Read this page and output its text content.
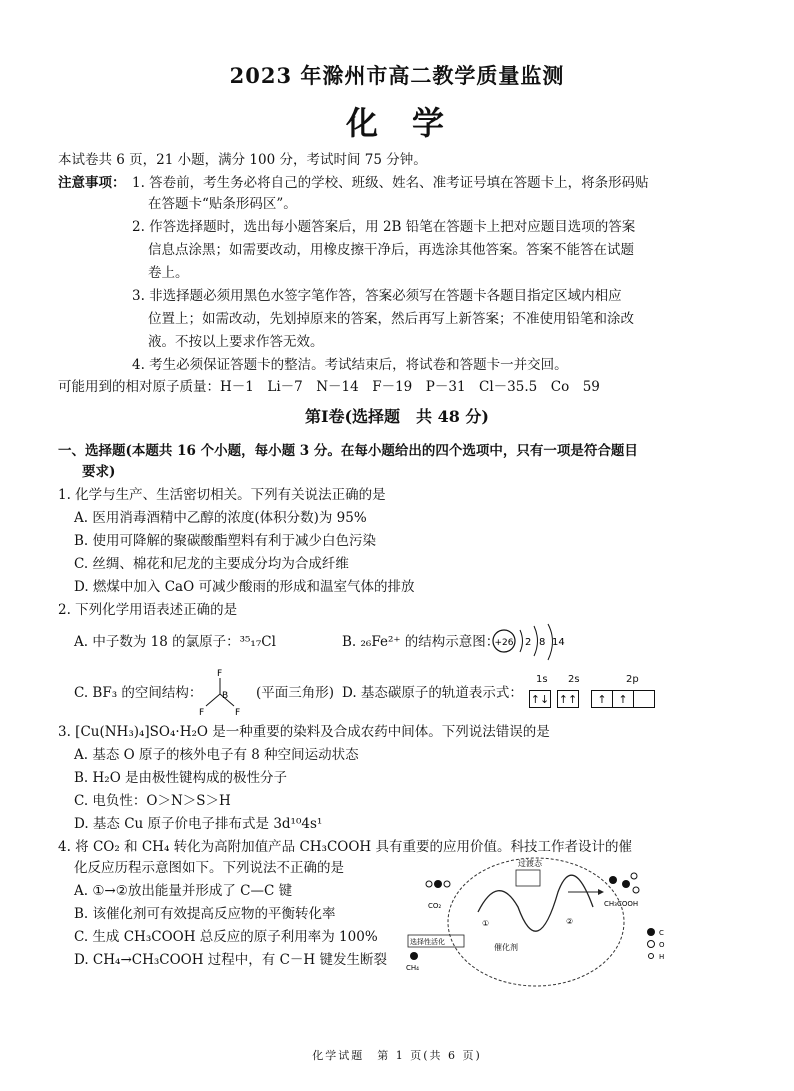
2023 年滁州市高二教学质量监测
化学
本试卷共 6 页，21 小题，满分 100 分，考试时间 75 分钟。
注意事项： 1. 答卷前，考生务必将自己的学校、班级、姓名、准考证号填在答题卡上，将条形码贴
在答题卡“贴条形码区”。
2. 作答选择题时，选出每小题答案后，用 2B 铅笔在答题卡上把对应题目选项的答案
信息点涂黑；如需要改动，用橡皮擦干净后，再选涂其他答案。答案不能答在试题
卷上。
3. 非选择题必须用黑色水签字笔作答，答案必须写在答题卡各题目指定区域内相应
位置上；如需改动，先划掉原来的答案，然后再写上新答案；不准使用铅笔和涂改
液。不按以上要求作答无效。
4. 考生必须保证答题卡的整洁。考试结束后，将试卷和答题卡一并交回。
可能用到的相对原子质量：H－1　Li－7　N－14　F－19　P－31　Cl－35.5　Co　59
第Ⅰ卷(选择题　共 48 分)
一、选择题(本题共 16 个小题，每小题 3 分。在每小题给出的四个选项中，只有一项是符合题目
要求)
1. 化学与生产、生活密切相关。下列有关说法正确的是
A. 医用消毒酒精中乙醇的浓度(体积分数)为 95%
B. 使用可降解的聚碳酸酯塑料有利于减少白色污染
C. 丝绸、棉花和尼龙的主要成分均为合成纤维
D. 燃煤中加入 CaO 可减少酸雨的形成和温室气体的排放
2. 下列化学用语表述正确的是
A. 中子数为 18 的氯原子：³⁵₁₇Cl	B. ₂₆Fe²⁺ 的结构示意图：
+26 2 8 14
C. BF₃ 的空间结构：
F
B
F	F
(平面三角形) D. 基态碳原子的轨道表示式：
1s 2s	2p
↑↓ ↑↑	↑	↑
3. [Cu(NH₃)₄]SO₄·H₂O 是一种重要的染料及合成农药中间体。下列说法错误的是
A. 基态 O 原子的核外电子有 8 种空间运动状态
B. H₂O 是由极性键构成的极性分子
C. 电负性：O＞N＞S＞H
D. 基态 Cu 原子价电子排布式是 3d¹⁰4s¹
4. 将 CO₂ 和 CH₄ 转化为高附加值产品 CH₃COOH 具有重要的应用价值。科技工作者设计的催
化反应历程示意图如下。下列说法不正确的是
A. ①→②放出能量并形成了 C—C 键
B. 该催化剂可有效提高反应物的平衡转化率
C. 生成 CH₃COOH 总反应的原子利用率为 100%
D. CH₄→CH₃COOH 过程中，有 C－H 键发生断裂
过渡态
CO₂
催化剂
选择性活化
CH₄
CH₃COOH
①	②
C
O
H
化学试题　第 1 页(共 6 页)
